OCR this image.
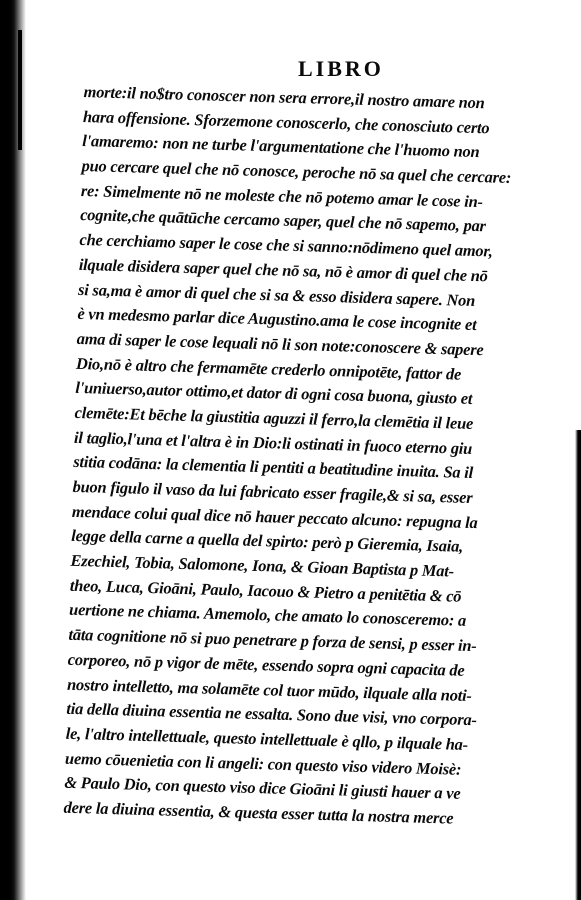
LIBRO
morte:il no$tro conoscer non sera errore,il nostro amare non
hara offensione. Sforzemone conoscerlo, che conosciuto certo
l'amaremo: non ne turbe l'argumentatione che l'huomo non
puo cercare quel che nō conosce, peroche nō sa quel che cercare:
re: Simelmente nō ne moleste che nō potemo amar le cose in-
cognite,che quātūche cercamo saper, quel che nō sapemo, par
che cerchiamo saper le cose che si sanno:nōdimeno quel amor,
ilquale disidera saper quel che nō sa, nō è amor di quel che nō
si sa,ma è amor di quel che si sa & esso disidera sapere. Non
è vn medesmo parlar dice Augustino.ama le cose incognite et
ama di saper le cose lequali nō li son note:conoscere & sapere
Dio,nō è altro che fermamēte crederlo onnipotēte, fattor de
l'uniuerso,autor ottimo,et dator di ogni cosa buona, giusto et
clemēte:Et bēche la giustitia aguzzi il ferro,la clemētia il leue
il taglio,l'una et l'altra è in Dio:li ostinati in fuoco eterno giu
stitia codāna: la clementia li pentiti a beatitudine inuita. Sa il
buon figulo il vaso da lui fabricato esser fragile,& si sa, esser
mendace colui qual dice nō hauer peccato alcuno: repugna la
legge della carne a quella del spirto: però p Gieremia, Isaia,
Ezechiel, Tobia, Salomone, Iona, & Gioan Baptista p Mat-
theo, Luca, Gioāni, Paulo, Iacouo & Pietro a penitētia & cō
uertione ne chiama. Amemolo, che amato lo conosceremo: a
tāta cognitione nō si puo penetrare p forza de sensi, p esser in-
corporeo, nō p vigor de mēte, essendo sopra ogni capacita de
nostro intelletto, ma solamēte col tuor mūdo, ilquale alla noti-
tia della diuina essentia ne essalta. Sono due visi, vno corpora-
le, l'altro intellettuale, questo intellettuale è qllo, p ilquale ha-
uemo cōuenietia con li angeli: con questo viso videro Moisè:
& Paulo Dio, con questo viso dice Gioāni li giusti hauer a ve
dere la diuina essentia, & questa esser tutta la nostra merce
